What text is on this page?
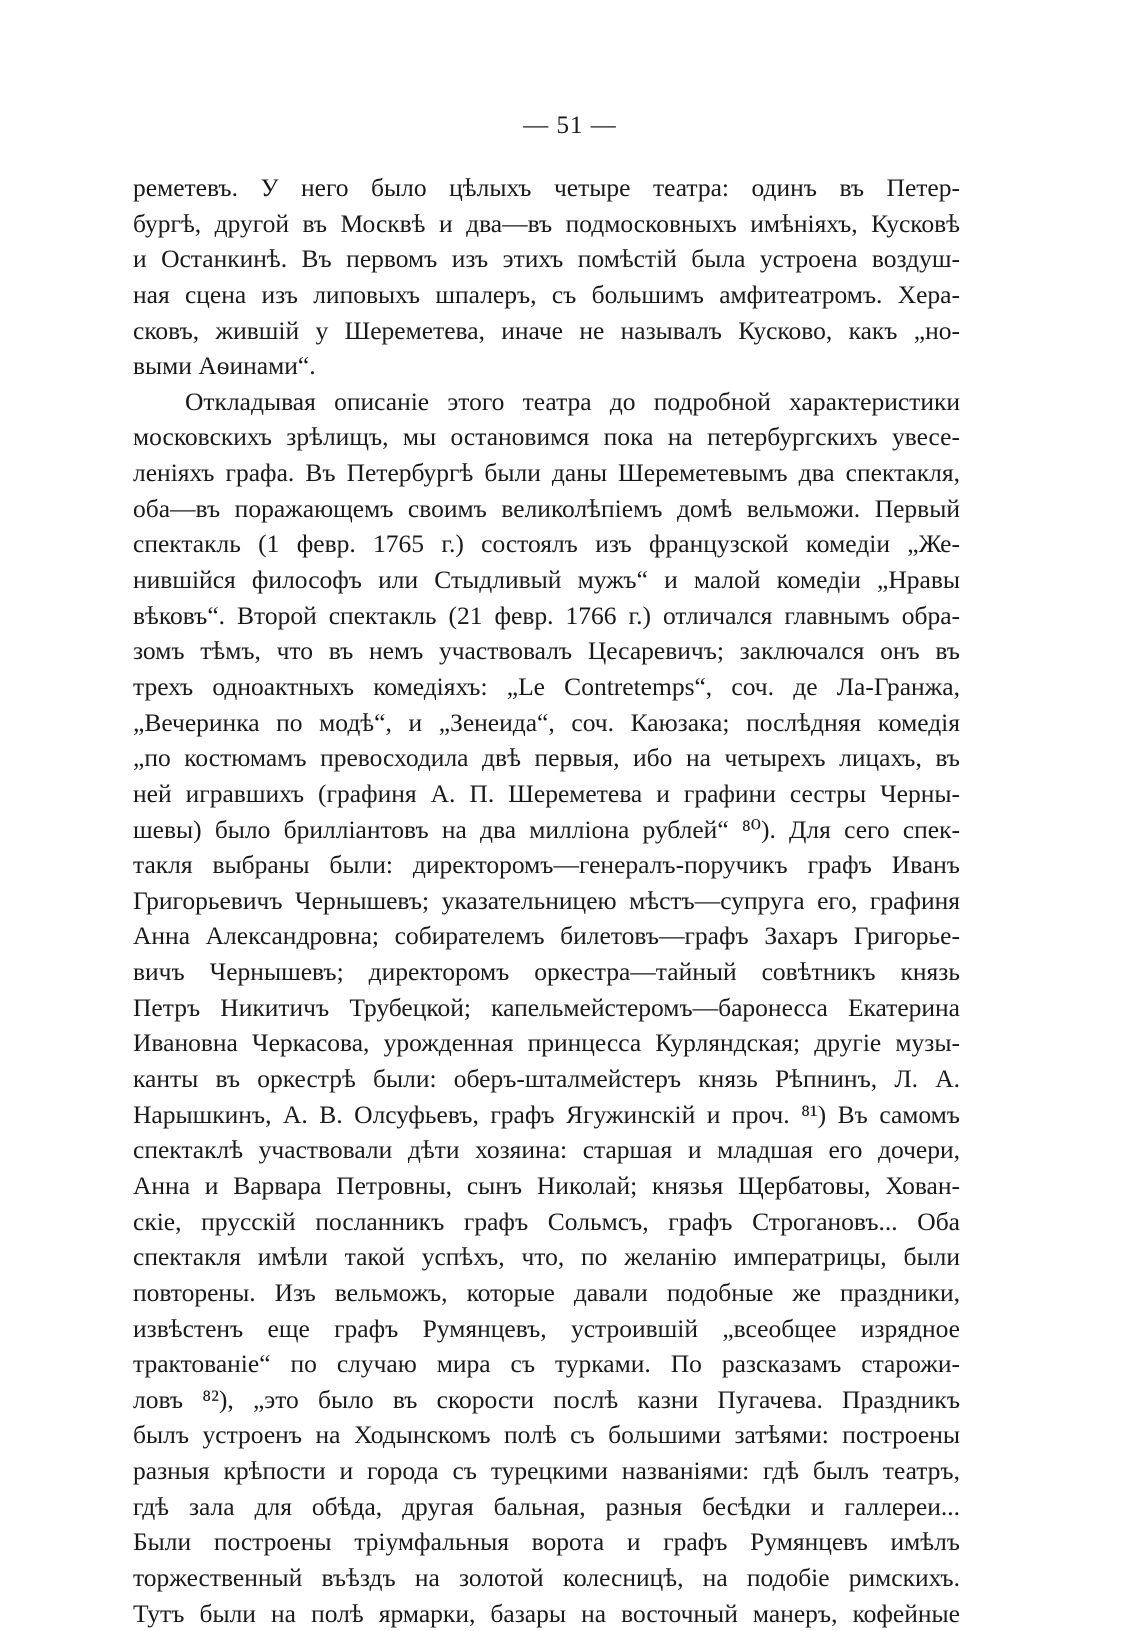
— 51 —
реметевъ. У него было цѣлыхъ четыре театра: одинъ въ Петер-
бургѣ, другой въ Москвѣ и два—въ подмосковныхъ имѣніяхъ, Кусковѣ
и Останкинѣ. Въ первомъ изъ этихъ помѣстій была устроена воздуш-
ная сцена изъ липовыхъ шпалеръ, съ большимъ амфитеатромъ. Хера-
сковъ, жившій у Шереметева, иначе не называлъ Кусково, какъ „но-
выми Аѳинами“.
Откладывая описаніе этого театра до подробной характеристики
московскихъ зрѣлищъ, мы остановимся пока на петербургскихъ увесе-
леніяхъ графа. Въ Петербургѣ были даны Шереметевымъ два спектакля,
оба—въ поражающемъ своимъ великолѣпіемъ домѣ вельможи. Первый
спектакль (1 февр. 1765 г.) состоялъ изъ французской комедіи „Же-
нившійся философъ или Стыдливый мужъ“ и малой комедіи „Нравы
вѣковъ“. Второй спектакль (21 февр. 1766 г.) отличался главнымъ обра-
зомъ тѣмъ, что въ немъ участвовалъ Цесаревичъ; заключался онъ въ
трехъ одноактныхъ комедіяхъ: „Le Contretemps“, соч. де Ла-Гранжа,
„Вечеринка по модѣ“, и „Зенеида“, соч. Каюзака; послѣдняя комедія
„по костюмамъ превосходила двѣ первыя, ибо на четырехъ лицахъ, въ
ней игравшихъ (графиня А. П. Шереметева и графини сестры Черны-
шевы) было брилліантовъ на два милліона рублей“ ⁸⁰). Для сего спек-
такля выбраны были: директоромъ—генералъ-поручикъ графъ Иванъ
Григорьевичъ Чернышевъ; указательницею мѣстъ—супруга его, графиня
Анна Александровна; собирателемъ билетовъ—графъ Захаръ Григорье-
вичъ Чернышевъ; директоромъ оркестра—тайный совѣтникъ князь
Петръ Никитичъ Трубецкой; капельмейстеромъ—баронесса Екатерина
Ивановна Черкасова, урожденная принцесса Курляндская; другіе музы-
канты въ оркестрѣ были: оберъ-шталмейстеръ князь Рѣпнинъ, Л. А.
Нарышкинъ, А. В. Олсуфьевъ, графъ Ягужинскій и проч. ⁸¹) Въ самомъ
спектаклѣ участвовали дѣти хозяина: старшая и младшая его дочери,
Анна и Варвара Петровны, сынъ Николай; князья Щербатовы, Хован-
скіе, прусскій посланникъ графъ Сольмсъ, графъ Строгановъ... Оба
спектакля имѣли такой успѣхъ, что, по желанію императрицы, были
повторены. Изъ вельможъ, которые давали подобные же праздники,
извѣстенъ еще графъ Румянцевъ, устроившій „всеобщее изрядное
трактованіе“ по случаю мира съ турками. По разсказамъ старожи-
ловъ ⁸²), „это было въ скорости послѣ казни Пугачева. Праздникъ
былъ устроенъ на Ходынскомъ полѣ съ большими затѣями: построены
разныя крѣпости и города съ турецкими названіями: гдѣ былъ театръ,
гдѣ зала для обѣда, другая бальная, разныя бесѣдки и галлереи...
Были построены тріумфальныя ворота и графъ Румянцевъ имѣлъ
торжественный въѣздъ на золотой колесницѣ, на подобіе римскихъ.
Тутъ были на полѣ ярмарки, базары на восточный манеръ, кофейные
